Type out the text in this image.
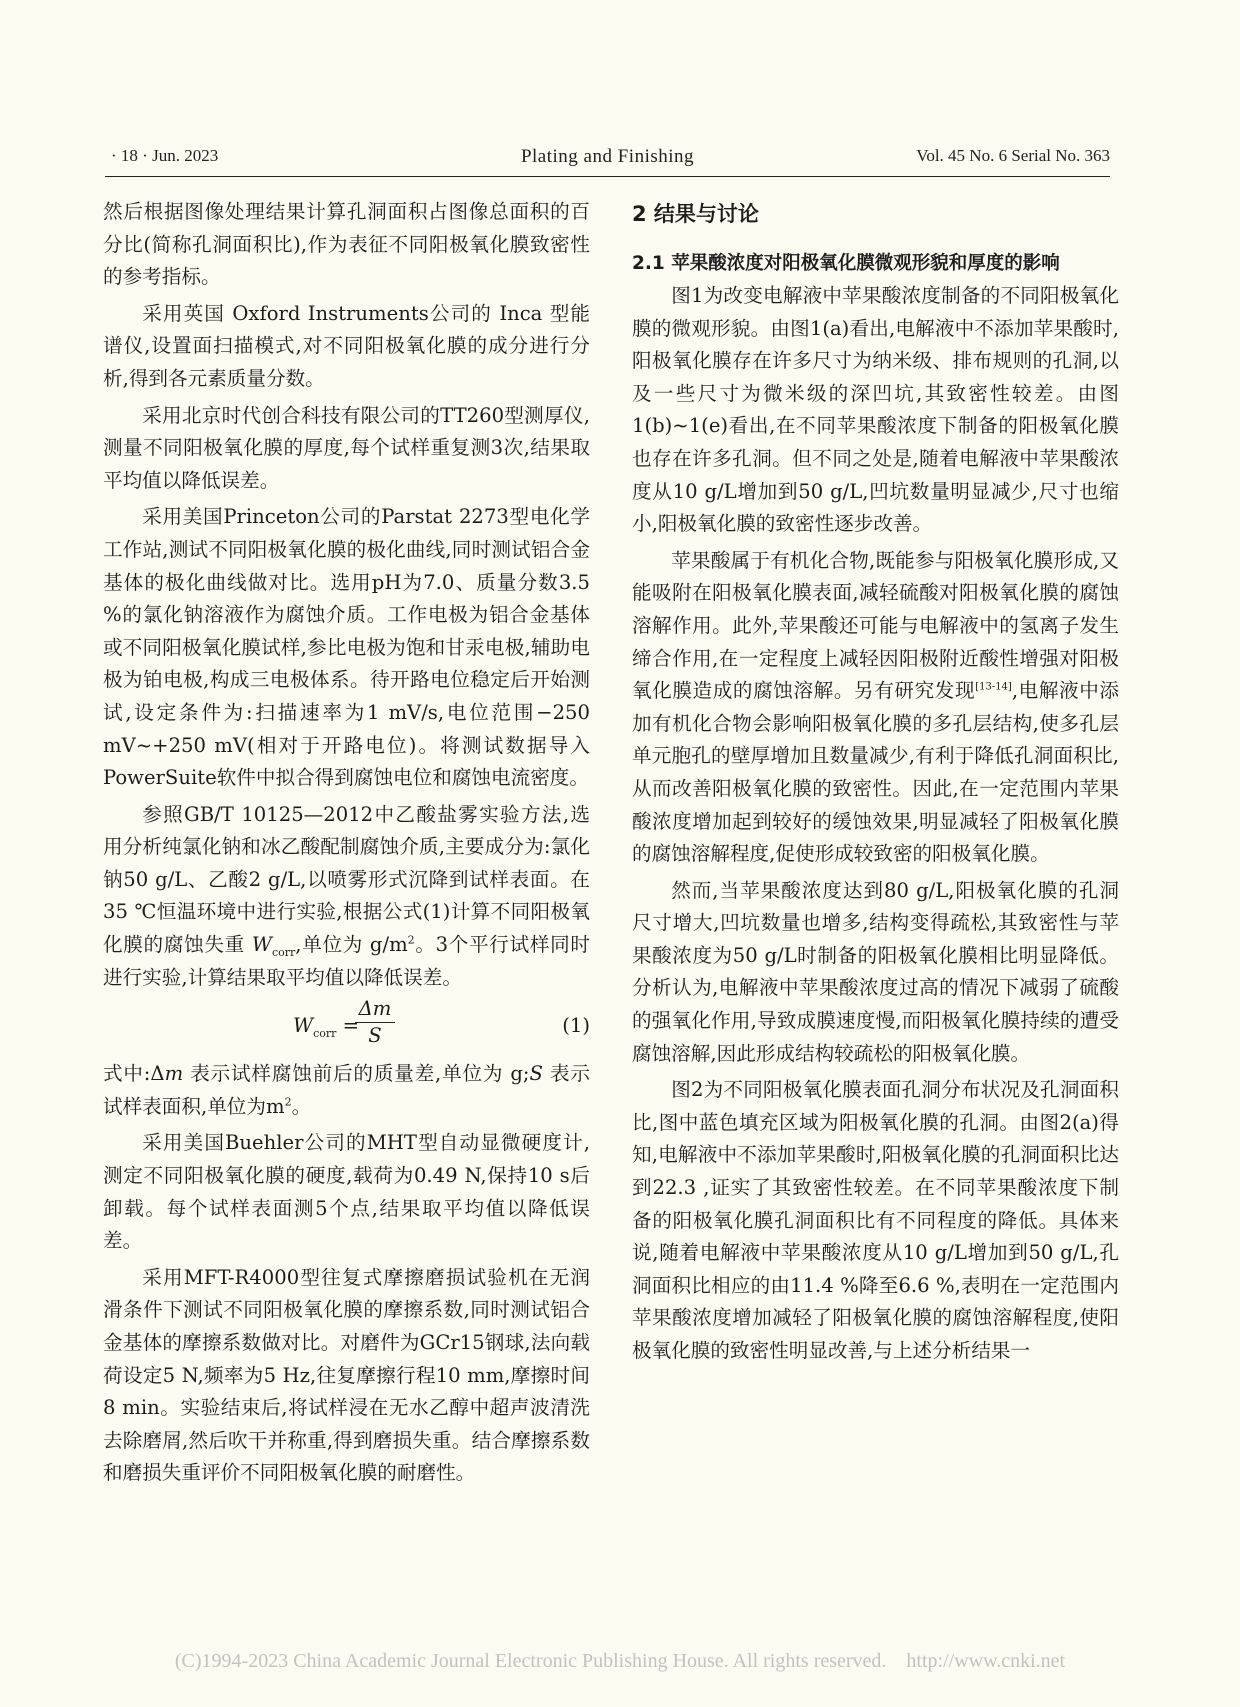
· 18 · Jun. 2023	Plating and Finishing	Vol. 45 No. 6 Serial No. 363

然后根据图像处理结果计算孔洞面积占图像总面积的百分比(简称孔洞面积比),作为表征不同阳极氧化膜致密性的参考指标。

采用英国 Oxford Instruments公司的 Inca 型能谱仪,设置面扫描模式,对不同阳极氧化膜的成分进行分析,得到各元素质量分数。

采用北京时代创合科技有限公司的TT260型测厚仪,测量不同阳极氧化膜的厚度,每个试样重复测3次,结果取平均值以降低误差。

采用美国Princeton公司的Parstat 2273型电化学工作站,测试不同阳极氧化膜的极化曲线,同时测试铝合金基体的极化曲线做对比。选用pH为7.0、质量分数3.5 %的氯化钠溶液作为腐蚀介质。工作电极为铝合金基体或不同阳极氧化膜试样,参比电极为饱和甘汞电极,辅助电极为铂电极,构成三电极体系。待开路电位稳定后开始测试,设定条件为:扫描速率为1 mV/s,电位范围−250 mV~+250 mV(相对于开路电位)。将测试数据导入PowerSuite软件中拟合得到腐蚀电位和腐蚀电流密度。

参照GB/T 10125—2012中乙酸盐雾实验方法,选用分析纯氯化钠和冰乙酸配制腐蚀介质,主要成分为:氯化钠50 g/L、乙酸2 g/L,以喷雾形式沉降到试样表面。在35 ℃恒温环境中进行实验,根据公式(1)计算不同阳极氧化膜的腐蚀失重 $W_{corr}$,单位为 $g/m^2$。3个平行试样同时进行实验,计算结果取平均值以降低误差。

$W_{corr}$ =
$\frac{\Delta m}{S}$	(1)

式中:Δm 表示试样腐蚀前后的质量差,单位为 g;S 表示试样表面积,单位为$m^2$。

采用美国Buehler公司的MHT型自动显微硬度计,测定不同阳极氧化膜的硬度,载荷为0.49 N,保持10 s后卸载。每个试样表面测5个点,结果取平均值以降低误差。

采用MFT-R4000型往复式摩擦磨损试验机在无润滑条件下测试不同阳极氧化膜的摩擦系数,同时测试铝合金基体的摩擦系数做对比。对磨件为GCr15钢球,法向载荷设定5 N,频率为5 Hz,往复摩擦行程10 mm,摩擦时间8 min。实验结束后,将试样浸在无水乙醇中超声波清洗去除磨屑,然后吹干并称重,得到磨损失重。结合摩擦系数和磨损失重评价不同阳极氧化膜的耐磨性。

2 结果与讨论
2.1 苹果酸浓度对阳极氧化膜微观形貌和厚度的影响

图1为改变电解液中苹果酸浓度制备的不同阳极氧化膜的微观形貌。由图1(a)看出,电解液中不添加苹果酸时,阳极氧化膜存在许多尺寸为纳米级、排布规则的孔洞,以及一些尺寸为微米级的深凹坑,其致密性较差。由图1(b)~1(e)看出,在不同苹果酸浓度下制备的阳极氧化膜也存在许多孔洞。但不同之处是,随着电解液中苹果酸浓度从10 g/L增加到50 g/L,凹坑数量明显减少,尺寸也缩小,阳极氧化膜的致密性逐步改善。

苹果酸属于有机化合物,既能参与阳极氧化膜形成,又能吸附在阳极氧化膜表面,减轻硫酸对阳极氧化膜的腐蚀溶解作用。此外,苹果酸还可能与电解液中的氢离子发生缔合作用,在一定程度上减轻因阳极附近酸性增强对阳极氧化膜造成的腐蚀溶解。另有研究发现[13-14],电解液中添加有机化合物会影响阳极氧化膜的多孔层结构,使多孔层单元胞孔的壁厚增加且数量减少,有利于降低孔洞面积比,从而改善阳极氧化膜的致密性。因此,在一定范围内苹果酸浓度增加起到较好的缓蚀效果,明显减轻了阳极氧化膜的腐蚀溶解程度,促使形成较致密的阳极氧化膜。

然而,当苹果酸浓度达到80 g/L,阳极氧化膜的孔洞尺寸增大,凹坑数量也增多,结构变得疏松,其致密性与苹果酸浓度为50 g/L时制备的阳极氧化膜相比明显降低。分析认为,电解液中苹果酸浓度过高的情况下减弱了硫酸的强氧化作用,导致成膜速度慢,而阳极氧化膜持续的遭受腐蚀溶解,因此形成结构较疏松的阳极氧化膜。

图2为不同阳极氧化膜表面孔洞分布状况及孔洞面积比,图中蓝色填充区域为阳极氧化膜的孔洞。由图2(a)得知,电解液中不添加苹果酸时,阳极氧化膜的孔洞面积比达到22.3 ,证实了其致密性较差。在不同苹果酸浓度下制备的阳极氧化膜孔洞面积比有不同程度的降低。具体来说,随着电解液中苹果酸浓度从10 g/L增加到50 g/L,孔洞面积比相应的由11.4 %降至6.6 %,表明在一定范围内苹果酸浓度增加减轻了阳极氧化膜的腐蚀溶解程度,使阳极氧化膜的致密性明显改善,与上述分析结果一

(C)1994-2023 China Academic Journal Electronic Publishing House. All rights reserved.    http://www.cnki.net
